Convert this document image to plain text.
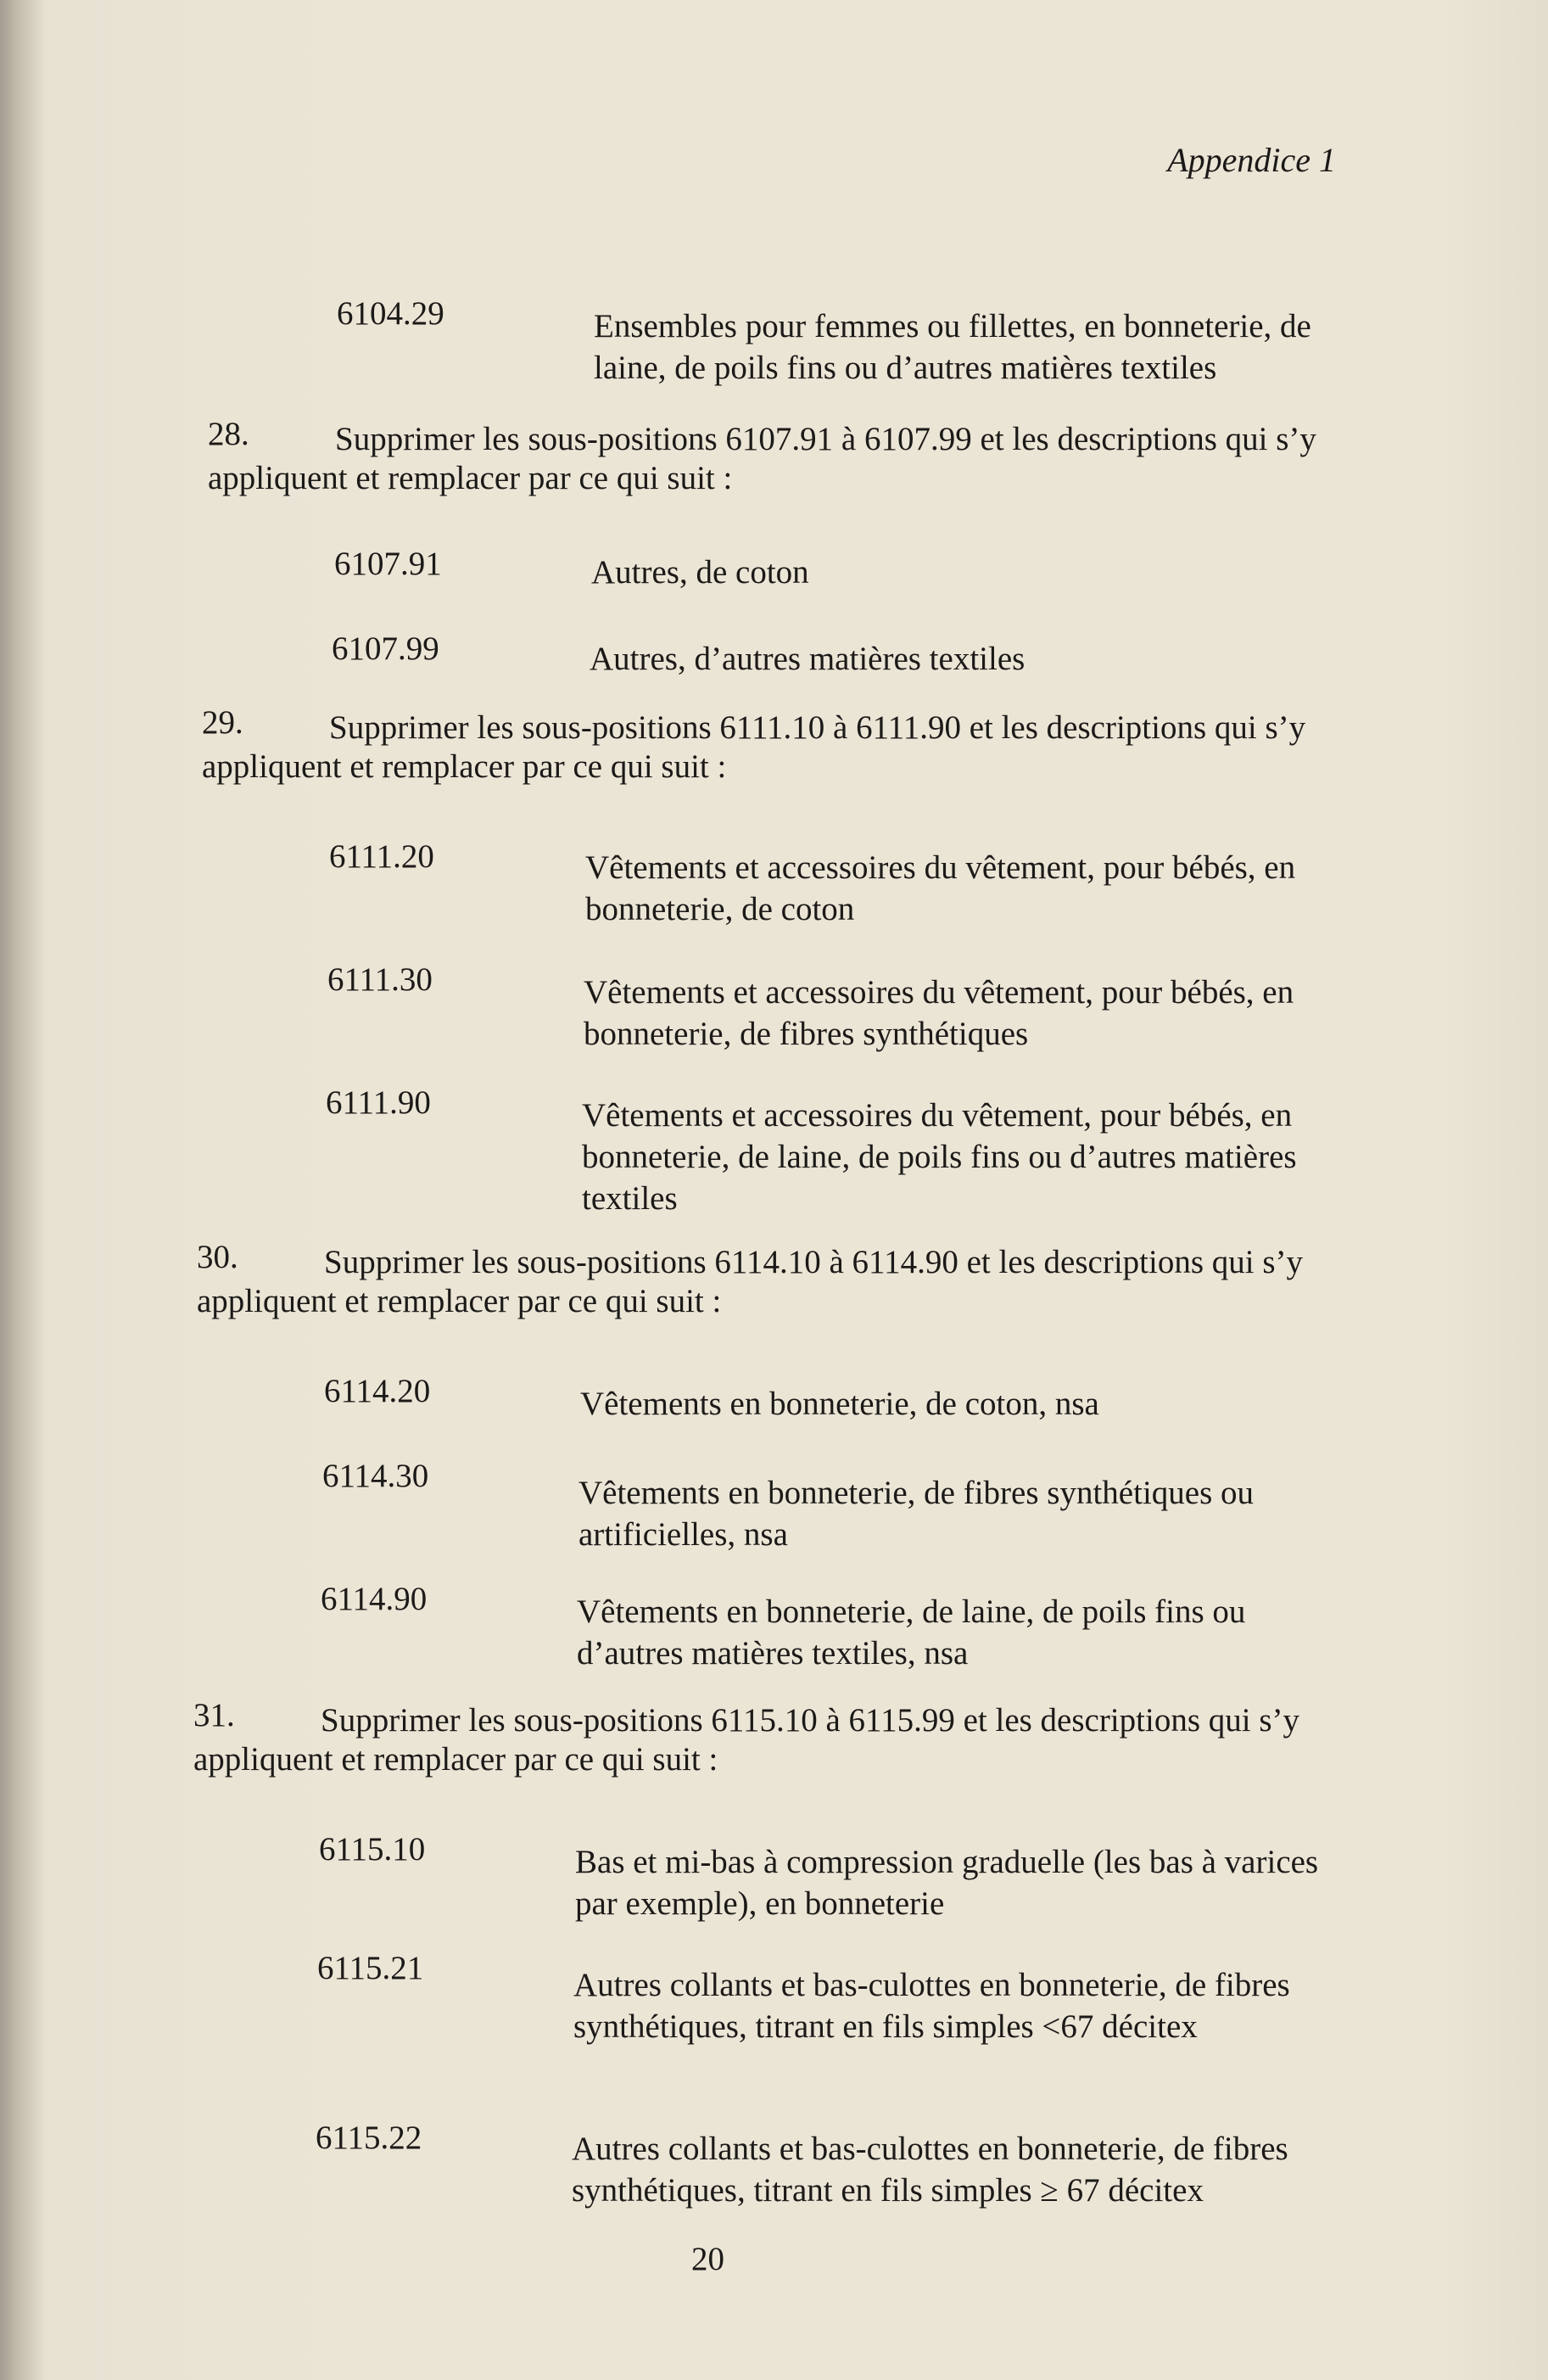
Appendice 1
6104.29	Ensembles pour femmes ou fillettes, en bonneterie, de laine, de poils fins ou d’autres matières textiles
28.	Supprimer les sous-positions 6107.91 à 6107.99 et les descriptions qui s’y appliquent et remplacer par ce qui suit :
6107.91	Autres, de coton
6107.99	Autres, d’autres matières textiles
29.	Supprimer les sous-positions 6111.10 à 6111.90 et les descriptions qui s’y appliquent et remplacer par ce qui suit :
6111.20	Vêtements et accessoires du vêtement, pour bébés, en bonneterie, de coton
6111.30	Vêtements et accessoires du vêtement, pour bébés, en bonneterie, de fibres synthétiques
6111.90	Vêtements et accessoires du vêtement, pour bébés, en bonneterie, de laine, de poils fins ou d’autres matières textiles
30.	Supprimer les sous-positions 6114.10 à 6114.90 et les descriptions qui s’y appliquent et remplacer par ce qui suit :
6114.20	Vêtements en bonneterie, de coton, nsa
6114.30	Vêtements en bonneterie, de fibres synthétiques ou artificielles, nsa
6114.90	Vêtements en bonneterie, de laine, de poils fins ou d’autres matières textiles, nsa
31.	Supprimer les sous-positions 6115.10 à 6115.99 et les descriptions qui s’y appliquent et remplacer par ce qui suit :
6115.10	Bas et mi-bas à compression graduelle (les bas à varices par exemple), en bonneterie
6115.21	Autres collants et bas-culottes en bonneterie, de fibres synthétiques, titrant en fils simples <67 décitex
6115.22	Autres collants et bas-culottes en bonneterie, de fibres synthétiques, titrant en fils simples ≥ 67 décitex
20
